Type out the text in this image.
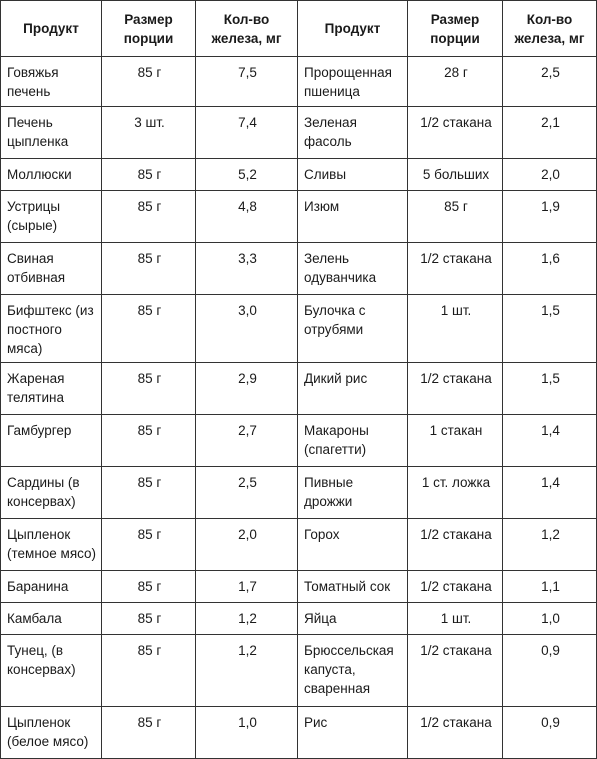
Продукт	Размер порции	Кол-во железа, мг	Продукт	Размер порции	Кол-во железа, мг
Говяжья печень	85 г	7,5	Пророщенная пшеница	28 г	2,5
Печень цыпленка	3 шт.	7,4	Зеленая фасоль	1/2 стакана	2,1
Моллюски	85 г	5,2	Сливы	5 больших	2,0
Устрицы (сырые)	85 г	4,8	Изюм	85 г	1,9
Свиная отбивная	85 г	3,3	Зелень одуванчика	1/2 стакана	1,6
Бифштекс (из постного мяса)	85 г	3,0	Булочка с отрубями	1 шт.	1,5
Жареная телятина	85 г	2,9	Дикий рис	1/2 стакана	1,5
Гамбургер	85 г	2,7	Макароны (спагетти)	1 стакан	1,4
Сардины (в консервах)	85 г	2,5	Пивные дрожжи	1 ст. ложка	1,4
Цыпленок (темное мясо)	85 г	2,0	Горох	1/2 стакана	1,2
Баранина	85 г	1,7	Томатный сок	1/2 стакана	1,1
Камбала	85 г	1,2	Яйца	1 шт.	1,0
Тунец, (в консервах)	85 г	1,2	Брюссельская капуста, сваренная	1/2 стакана	0,9
Цыпленок (белое мясо)	85 г	1,0	Рис	1/2 стакана	0,9
